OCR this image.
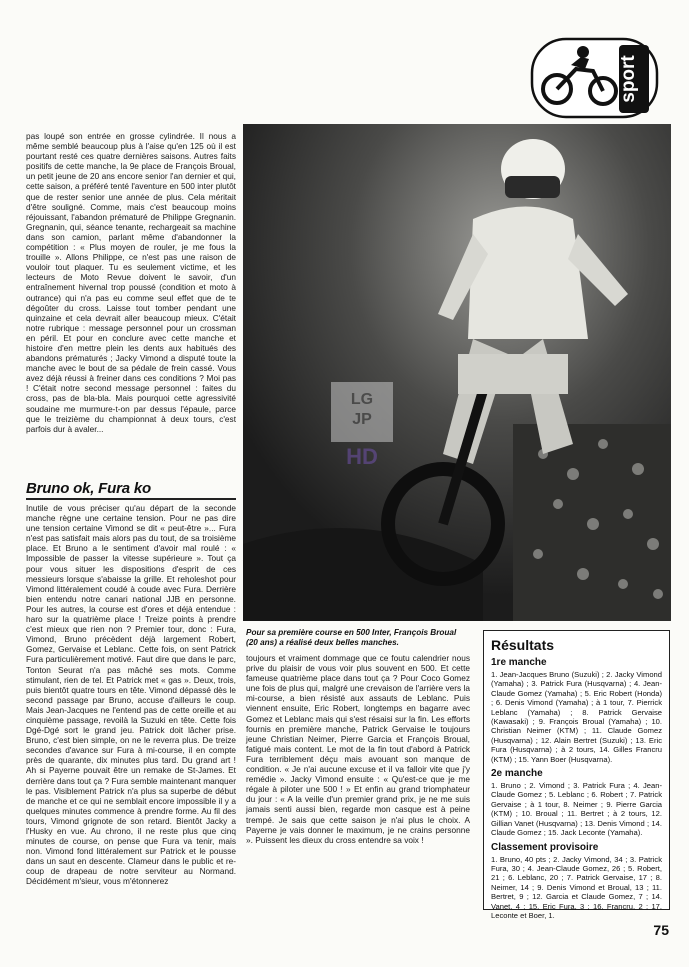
sport

pas loupé son entrée en grosse cylindrée. Il nous a même semblé beaucoup plus à l'aise qu'en 125 où il est pourtant resté ces quatre dernières saisons. Autres faits positifs de cette manche, la 9e place de François Broual, un petit jeune de 20 ans encore senior l'an dernier et qui, cette saison, a préféré tenté l'aventure en 500 inter plutôt que de rester senior une année de plus. Cela méritait d'être souligné. Comme, mais c'est beaucoup moins réjouissant, l'abandon prématuré de Philippe Gregnanin. Gregnanin, qui, séance tenante, rechargeait sa machine dans son camion, parlant même d'abandonner la compétition : « Plus moyen de rouler, je me fous la trouille ». Allons Philippe, ce n'est pas une raison de vouloir tout plaquer. Tu es seulement victime, et les lecteurs de Moto Revue doivent le savoir, d'un entraînement hivernal trop poussé (condition et moto à outrance) qui n'a pas eu comme seul effet que de te dégoûter du cross. Laisse tout tomber pendant une quinzaine et cela devrait aller beaucoup mieux. C'était notre rubrique : message personnel pour un crossman en péril. Et pour en conclure avec cette manche et histoire d'en mettre plein les dents aux habitués des abandons prématurés ; Jacky Vimond a disputé toute la manche avec le bout de sa pédale de frein cassé. Vous avez déjà réussi à freiner dans ces conditions ? Moi pas ! C'était notre second message personnel : faites du cross, pas de bla-bla. Mais pourquoi cette agressivité soudaine me murmure-t-on par dessus l'épaule, parce que le treizième du championnat à deux tours, c'est parfois dur à avaler...

Bruno ok, Fura ko

Inutile de vous préciser qu'au départ de la seconde manche règne une certaine tension. Pour ne pas dire une tension certaine Vimond se dit « peut-être »... Fura n'est pas satisfait mais alors pas du tout, de sa troisième place. Et Bruno a le sentiment d'avoir mal roulé : « Impossible de passer la vitesse supérieure ». Tout ça pour vous situer les dispositions d'esprit de ces messieurs lorsque s'abaisse la grille. Et reholeshot pour Vimond littéralement coudé à coude avec Fura. Derrière bien entendu notre canari national JJB en personne. Pour les autres, la course est d'ores et déjà entendue : haro sur la quatrième place ! Treize points à prendre c'est mieux que rien non ? Premier tour, donc : Fura, Vimond, Bruno précèdent déjà largement Robert, Gomez, Gervaise et Leblanc. Cette fois, on sent Patrick Fura particulièrement motivé. Faut dire que dans le parc, Tonton Seurat n'a pas mâché ses mots. Comme stimulant, rien de tel. Et Patrick met « gas ». Deux, trois, puis bientôt quatre tours en tête. Vimond dépassé dès le second passage par Bruno, accuse d'ailleurs le coup. Mais Jean-Jacques ne l'entend pas de cette oreille et au cinquième passage, revoilà la Suzuki en tête. Cette fois Dgé-Dgé sort le grand jeu. Patrick doit lâcher prise. Bruno, c'est bien simple, on ne le reverra plus. De treize secondes d'avance sur Fura à mi-course, il en compte près de quarante, dix minutes plus tard. Du grand art ! Ah si Payerne pouvait être un remake de St-James. Et derrière dans tout ça ? Fura semble maintenant manquer le pas. Visiblement Patrick n'a plus sa superbe de début de manche et ce qui ne semblait encore impossible il y a quelques minutes commence à prendre forme. Au fil des tours, Vimond grignote de son retard. Bientôt Jacky a l'Husky en vue. Au chrono, il ne reste plus que cinq minutes de course, on pense que Fura va tenir, mais non. Vimond fond littéralement sur Patrick et le pousse dans un saut en descente. Clameur dans le public et re-coup de drapeau de notre serviteur au Normand. Décidément m'sieur, vous m'étonnerez

LG
JP
HD

Pour sa première course en 500 Inter, François Broual (20 ans) a réalisé deux belles manches.

toujours et vraiment dommage que ce foutu calendrier nous prive du plaisir de vous voir plus souvent en 500. Et cette fameuse quatrième place dans tout ça ? Pour Coco Gomez une fois de plus qui, malgré une crevaison de l'arrière vers la mi-course, a bien résisté aux assauts de Leblanc. Puis viennent ensuite, Eric Robert, longtemps en bagarre avec Gomez et Leblanc mais qui s'est résaisi sur la fin. Les efforts fournis en première manche, Patrick Gervaise le toujours jeune Christian Neimer, Pierre Garcia et François Broual, fatigué mais content. Le mot de la fin tout d'abord à Patrick Fura terriblement déçu mais avouant son manque de condition. « Je n'ai aucune excuse et il va falloir vite que j'y remédie ». Jacky Vimond ensuite : « Qu'est-ce que je me régale à piloter une 500 ! » Et enfin au grand triomphateur du jour : « A la veille d'un premier grand prix, je ne me suis jamais senti aussi bien, regarde mon casque est à peine trempé. Je sais que cette saison je n'ai plus le choix. A Payerne je vais donner le maximum, je ne crains personne ». Puissent les dieux du cross entendre sa voix !

Résultats
1re manche

1. Jean-Jacques Bruno (Suzuki) ; 2. Jacky Vimond (Yamaha) ; 3. Patrick Fura (Husqvarna) ; 4. Jean-Claude Gomez (Yamaha) ; 5. Eric Robert (Honda) ; 6. Denis Vimond (Yamaha) ; à 1 tour, 7. Pierrick Leblanc (Yamaha) ; 8. Patrick Gervaise (Kawasaki) ; 9. François Broual (Yamaha) ; 10. Christian Neimer (KTM) ; 11. Claude Gomez (Husqvarna) ; 12. Alain Bertret (Suzuki) ; 13. Eric Fura (Husqvarna) ; à 2 tours, 14. Gilles Francru (KTM) ; 15. Yann Boer (Husqvarna).

2e manche

1. Bruno ; 2. Vimond ; 3. Patrick Fura ; 4. Jean-Claude Gomez ; 5. Leblanc ; 6. Robert ; 7. Patrick Gervaise ; à 1 tour, 8. Neimer ; 9. Pierre Garcia (KTM) ; 10. Broual ; 11. Bertret ; à 2 tours, 12. Gillian Vanet (Husqvarna) ; 13. Denis Vimond ; 14. Claude Gomez ; 15. Jack Leconte (Yamaha).

Classement provisoire

1. Bruno, 40 pts ; 2. Jacky Vimond, 34 ; 3. Patrick Fura, 30 ; 4. Jean-Claude Gomez, 26 ; 5. Robert, 21 ; 6. Leblanc, 20 ; 7. Patrick Gervaise, 17 ; 8. Neimer, 14 ; 9. Denis Vimond et Broual, 13 ; 11. Bertret, 9 ; 12. Garcia et Claude Gomez, 7 ; 14. Vanet, 4 ; 15. Eric Fura, 3 ; 16. Francru, 2 ; 17. Leconte et Boer, 1.

75
